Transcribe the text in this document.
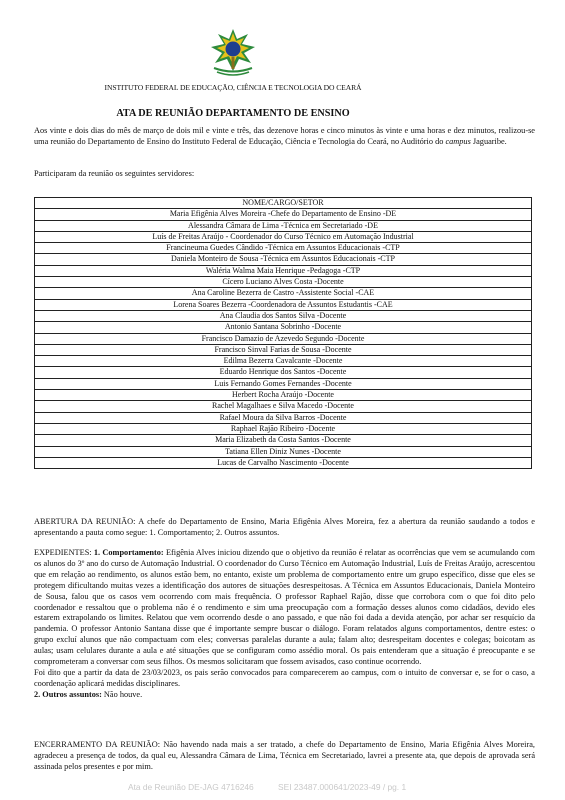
INSTITUTO FEDERAL DE EDUCAÇÃO, CIÊNCIA E TECNOLOGIA DO CEARÁ
ATA DE REUNIÃO DEPARTAMENTO DE ENSINO
Aos vinte e dois dias do mês de março de dois mil e vinte e três, das dezenove horas e cinco minutos às vinte e uma horas e dez minutos, realizou-se uma reunião do Departamento de Ensino do Instituto Federal de Educação, Ciência e Tecnologia do Ceará, no Auditório do campus Jaguaribe.
Participaram da reunião os seguintes servidores:
NOME/CARGO/SETOR
Maria Efigênia Alves Moreira -Chefe do Departamento de Ensino -DE
Alessandra Câmara de Lima -Técnica em Secretariado -DE
Luís de Freitas Araújo - Coordenador do Curso Técnico em Automação Industrial
Francineuma Guedes Cândido -Técnica em Assuntos Educacionais -CTP
Daniela Monteiro de Sousa -Técnica em Assuntos Educacionais -CTP
Waléria Walma Maia Henrique -Pedagoga -CTP
Cícero Luciano Alves Costa -Docente
Ana Caroline Bezerra de Castro -Assistente Social -CAE
Lorena Soares Bezerra -Coordenadora de Assuntos Estudantis -CAE
Ana Claudia dos Santos Silva -Docente
Antonio Santana Sobrinho -Docente
Francisco Damazio de Azevedo Segundo -Docente
Francisco Sinval Farias de Sousa -Docente
Edilma Bezerra Cavalcante -Docente
Eduardo Henrique dos Santos -Docente
Luis Fernando Gomes Fernandes -Docente
Herbert Rocha Araújo -Docente
Rachel Magalhaes e Silva Macedo -Docente
Rafael Moura da Silva Barros -Docente
Raphael Rajão Ribeiro -Docente
Maria Elizabeth da Costa Santos -Docente
Tatiana Ellen Diniz Nunes -Docente
Lucas de Carvalho Nascimento -Docente
ABERTURA DA REUNIÃO: A chefe do Departamento de Ensino, Maria Efigênia Alves Moreira, fez a abertura da reunião saudando a todos e apresentando a pauta como segue: 1. Comportamento; 2. Outros assuntos.
EXPEDIENTES: 1. Comportamento: Efigênia Alves iniciou dizendo que o objetivo da reunião é relatar as ocorrências que vem se acumulando com os alunos do 3º ano do curso de Automação Industrial. O coordenador do Curso Técnico em Automação Industrial, Luís de Freitas Araújo, acrescentou que em relação ao rendimento, os alunos estão bem, no entanto, existe um problema de comportamento entre um grupo específico, disse que eles se protegem dificultando muitas vezes a identificação dos autores de situações desrespeitosas. A Técnica em Assuntos Educacionais, Daniela Monteiro de Sousa, falou que os casos vem ocorrendo com mais frequência. O professor Raphael Rajão, disse que corrobora com o que foi dito pelo coordenador e ressaltou que o problema não é o rendimento e sim uma preocupação com a formação desses alunos como cidadãos, devido eles estarem extrapolando os limites. Relatou que vem ocorrendo desde o ano passado, e que não foi dada a devida atenção, por achar ser resquício da pandemia. O professor Antonio Santana disse que é importante sempre buscar o diálogo. Foram relatados alguns comportamentos, dentre estes: o grupo excluí alunos que não compactuam com eles; conversas paralelas durante a aula; falam alto; desrespeitam docentes e colegas; boicotam as aulas; usam celulares durante a aula e até situações que se configuram como assédio moral. Os pais entenderam que a situação é preocupante e se comprometeram a conversar com seus filhos. Os mesmos solicitaram que fossem avisados, caso continue ocorrendo.
Foi dito que a partir da data de 23/03/2023, os pais serão convocados para comparecerem ao campus, com o intuito de conversar e, se for o caso, a coordenação aplicará medidas disciplinares.
2. Outros assuntos: Não houve.
ENCERRAMENTO DA REUNIÃO: Não havendo nada mais a ser tratado, a chefe do Departamento de Ensino, Maria Efigênia Alves Moreira, agradeceu a presença de todos, da qual eu, Alessandra Câmara de Lima, Técnica em Secretariado, lavrei a presente ata, que depois de aprovada será assinada pelos presentes e por mim.
Ata de Reunião DE-JAG 4716246	SEI 23487.000641/2023-49 / pg. 1
